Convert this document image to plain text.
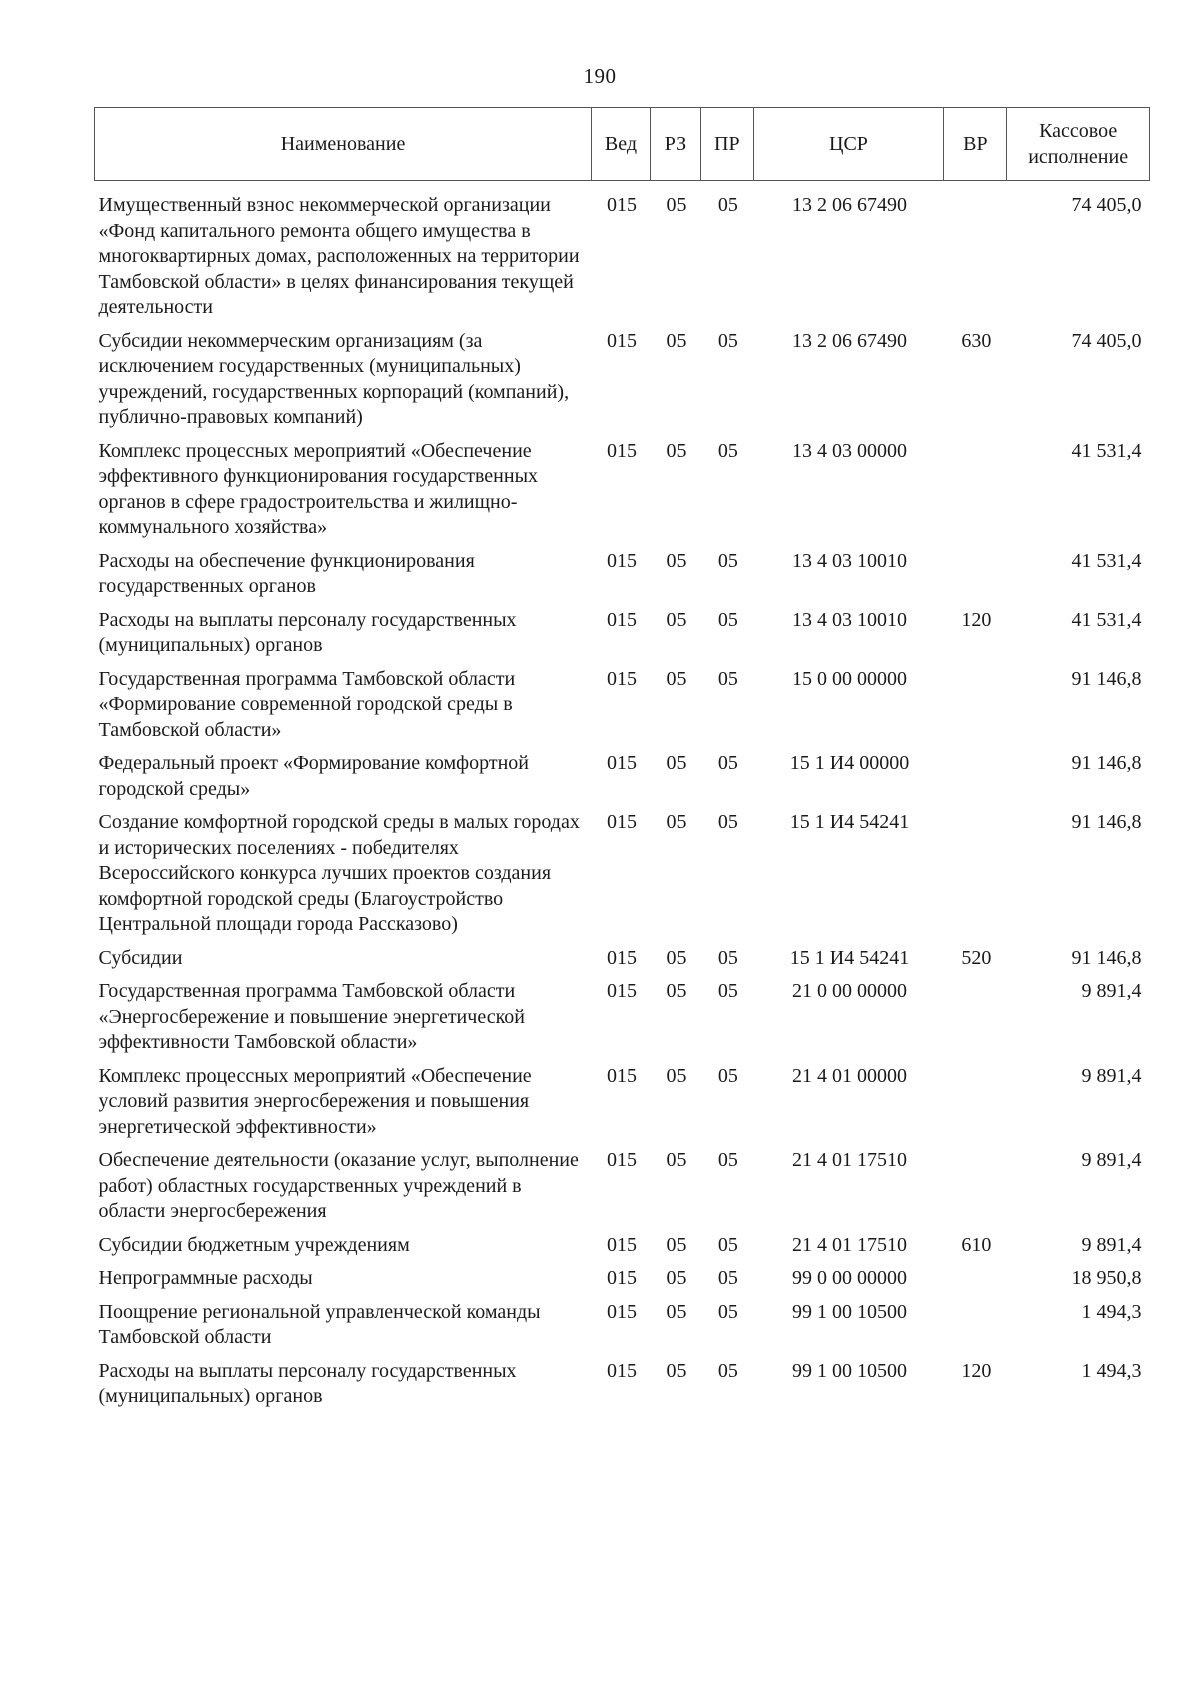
190
Наименование	Вед	РЗ	ПР	ЦСР	ВР	Кассовое исполнение
Имущественный взнос некоммерческой организации «Фонд капитального ремонта общего имущества в многоквартирных домах, расположенных на территории Тамбовской области» в целях финансирования текущей деятельности	015	05	05	13 2 06 67490		74 405,0
Субсидии некоммерческим организациям (за исключением государственных (муниципальных) учреждений, государственных корпораций (компаний), публично-правовых компаний)	015	05	05	13 2 06 67490	630	74 405,0
Комплекс процессных мероприятий «Обеспечение эффективного функционирования государственных органов в сфере градостроительства и жилищно-коммунального хозяйства»	015	05	05	13 4 03 00000		41 531,4
Расходы на обеспечение функционирования государственных органов	015	05	05	13 4 03 10010		41 531,4
Расходы на выплаты персоналу государственных (муниципальных) органов	015	05	05	13 4 03 10010	120	41 531,4
Государственная программа Тамбовской области «Формирование современной городской среды в Тамбовской области»	015	05	05	15 0 00 00000		91 146,8
Федеральный проект «Формирование комфортной городской среды»	015	05	05	15 1 И4 00000		91 146,8
Создание комфортной городской среды в малых городах и исторических поселениях - победителях Всероссийского конкурса лучших проектов создания комфортной городской среды (Благоустройство Центральной площади города Рассказово)	015	05	05	15 1 И4 54241		91 146,8
Субсидии	015	05	05	15 1 И4 54241	520	91 146,8
Государственная программа Тамбовской области «Энергосбережение и повышение энергетической эффективности Тамбовской области»	015	05	05	21 0 00 00000		9 891,4
Комплекс процессных мероприятий «Обеспечение условий развития энергосбережения и повышения энергетической эффективности»	015	05	05	21 4 01 00000		9 891,4
Обеспечение деятельности (оказание услуг, выполнение работ) областных государственных учреждений в области энергосбережения	015	05	05	21 4 01 17510		9 891,4
Субсидии бюджетным учреждениям	015	05	05	21 4 01 17510	610	9 891,4
Непрограммные расходы	015	05	05	99 0 00 00000		18 950,8
Поощрение региональной управленческой команды Тамбовской области	015	05	05	99 1 00 10500		1 494,3
Расходы на выплаты персоналу государственных (муниципальных) органов	015	05	05	99 1 00 10500	120	1 494,3
